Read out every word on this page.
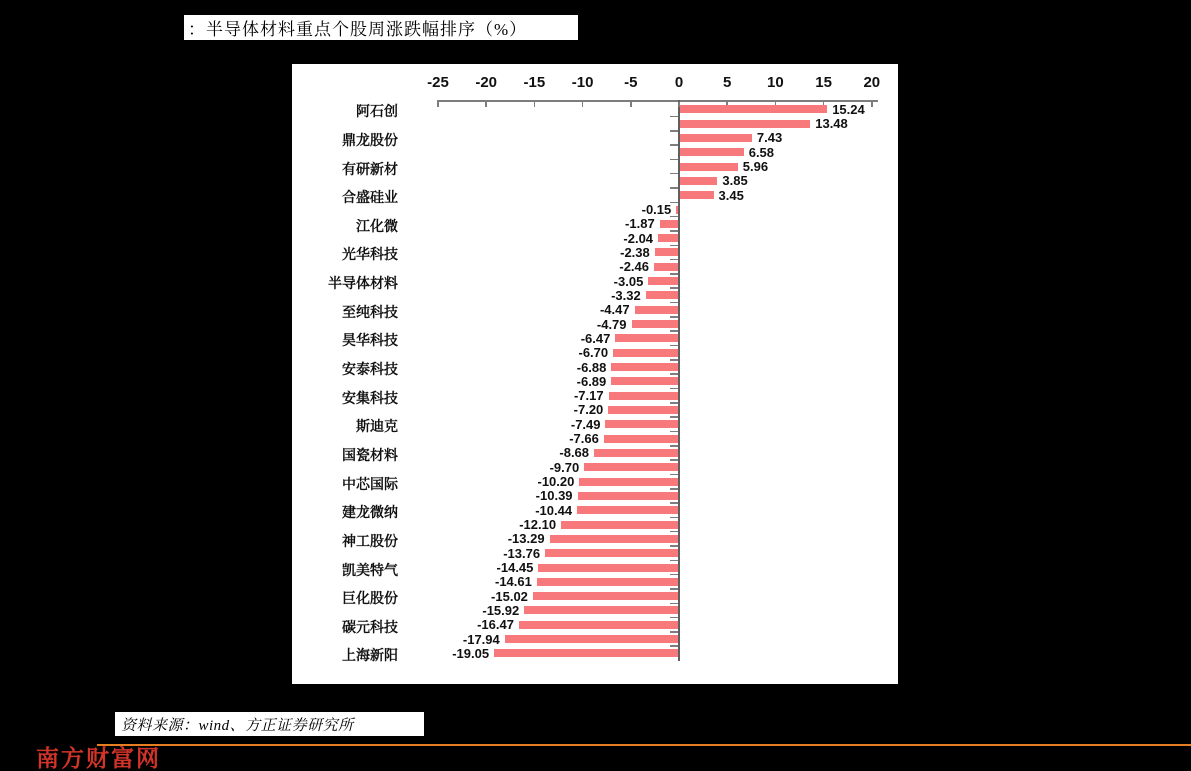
：半导体材料重点个股周涨跌幅排序（%）
-25	-20	-15	-10	-5	0	5	10	15	20
15.24
阿石创
13.48
7.43
鼎龙股份
6.58
5.96
有研新材
3.85
3.45
合盛硅业
-0.15
-1.87
江化微
-2.04
-2.38
光华科技
-2.46
-3.05
半导体材料
-3.32
-4.47
至纯科技
-4.79
-6.47
昊华科技
-6.70
-6.88
安泰科技
-6.89
-7.17
安集科技
-7.20
-7.49
斯迪克
-7.66
-8.68
国瓷材料
-9.70
-10.20
中芯国际
-10.39
-10.44
建龙微纳
-12.10
-13.29
神工股份
-13.76
-14.45
凯美特气
-14.61
-15.02
巨化股份
-15.92
-16.47
碳元科技
-17.94
-19.05
上海新阳
资料来源：wind、方正证券研究所
南方财富网
